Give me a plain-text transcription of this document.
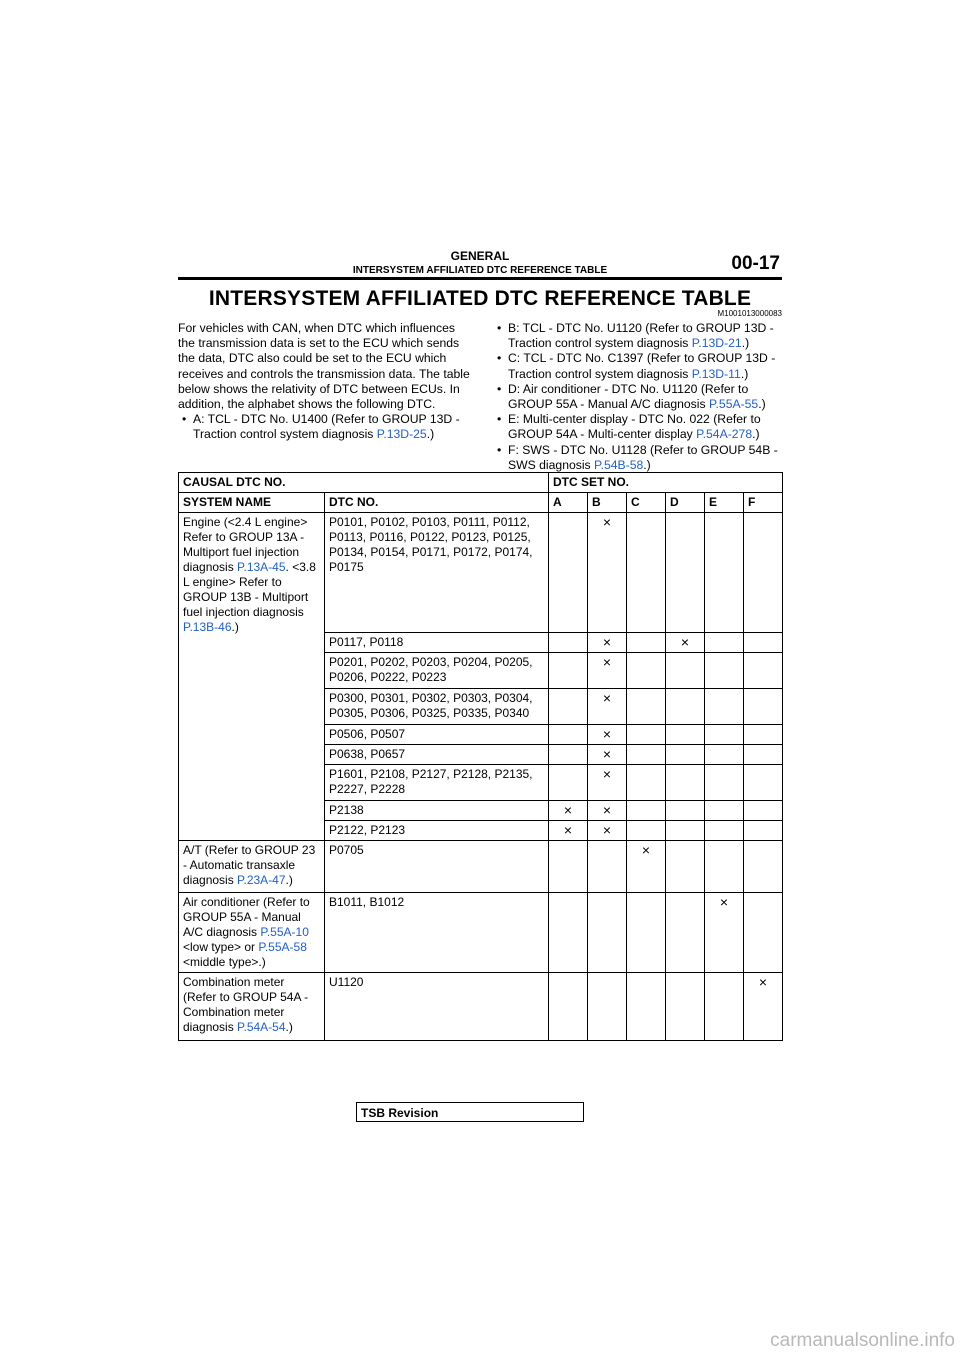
GENERAL
INTERSYSTEM AFFILIATED DTC REFERENCE TABLE	00-17
INTERSYSTEM AFFILIATED DTC REFERENCE TABLE
M1001013000083

For vehicles with CAN, when DTC which influences the transmission data is set to the ECU which sends the data, DTC also could be set to the ECU which receives and controls the transmission data. The table below shows the relativity of DTC between ECUs. In addition, the alphabet shows the following DTC.

• A: TCL - DTC No. U1400 (Refer to GROUP 13D - Traction control system diagnosis P.13D-25.)
• B: TCL - DTC No. U1120 (Refer to GROUP 13D - Traction control system diagnosis P.13D-21.)
• C: TCL - DTC No. C1397 (Refer to GROUP 13D - Traction control system diagnosis P.13D-11.)
• D: Air conditioner - DTC No. U1120 (Refer to GROUP 55A - Manual A/C diagnosis P.55A-55.)
• E: Multi-center display - DTC No. 022 (Refer to GROUP 54A - Multi-center display P.54A-278.)
• F: SWS - DTC No. U1128 (Refer to GROUP 54B - SWS diagnosis P.54B-58.)
CAUSAL DTC NO.		DTC SET NO.					
SYSTEM NAME	DTC NO.	A	B	C	D	E	F
Engine (<2.4 L engine> Refer to GROUP 13A - Multiport fuel injection diagnosis P.13A-45. <3.8 L engine> Refer to GROUP 13B - Multiport fuel injection diagnosis P.13B-46.)	P0101, P0102, P0103, P0111, P0112, P0113, P0116, P0122, P0123, P0125, P0134, P0154, P0171, P0172, P0174, P0175		×				
	P0117, P0118		×		×		
	P0201, P0202, P0203, P0204, P0205, P0206, P0222, P0223		×				
	P0300, P0301, P0302, P0303, P0304, P0305, P0306, P0325, P0335, P0340		×				
	P0506, P0507		×				
	P0638, P0657		×				
	P1601, P2108, P2127, P2128, P2135, P2227, P2228		×				
	P2138	×	×				
	P2122, P2123	×	×				
A/T (Refer to GROUP 23 - Automatic transaxle diagnosis P.23A-47.)	P0705			×			
Air conditioner (Refer to GROUP 55A - Manual A/C diagnosis P.55A-10 <low type> or P.55A-58 <middle type>.)	B1011, B1012					×	
Combination meter (Refer to GROUP 54A - Combination meter diagnosis P.54A-54.)	U1120						×
TSB Revision
carmanualsonline.info
